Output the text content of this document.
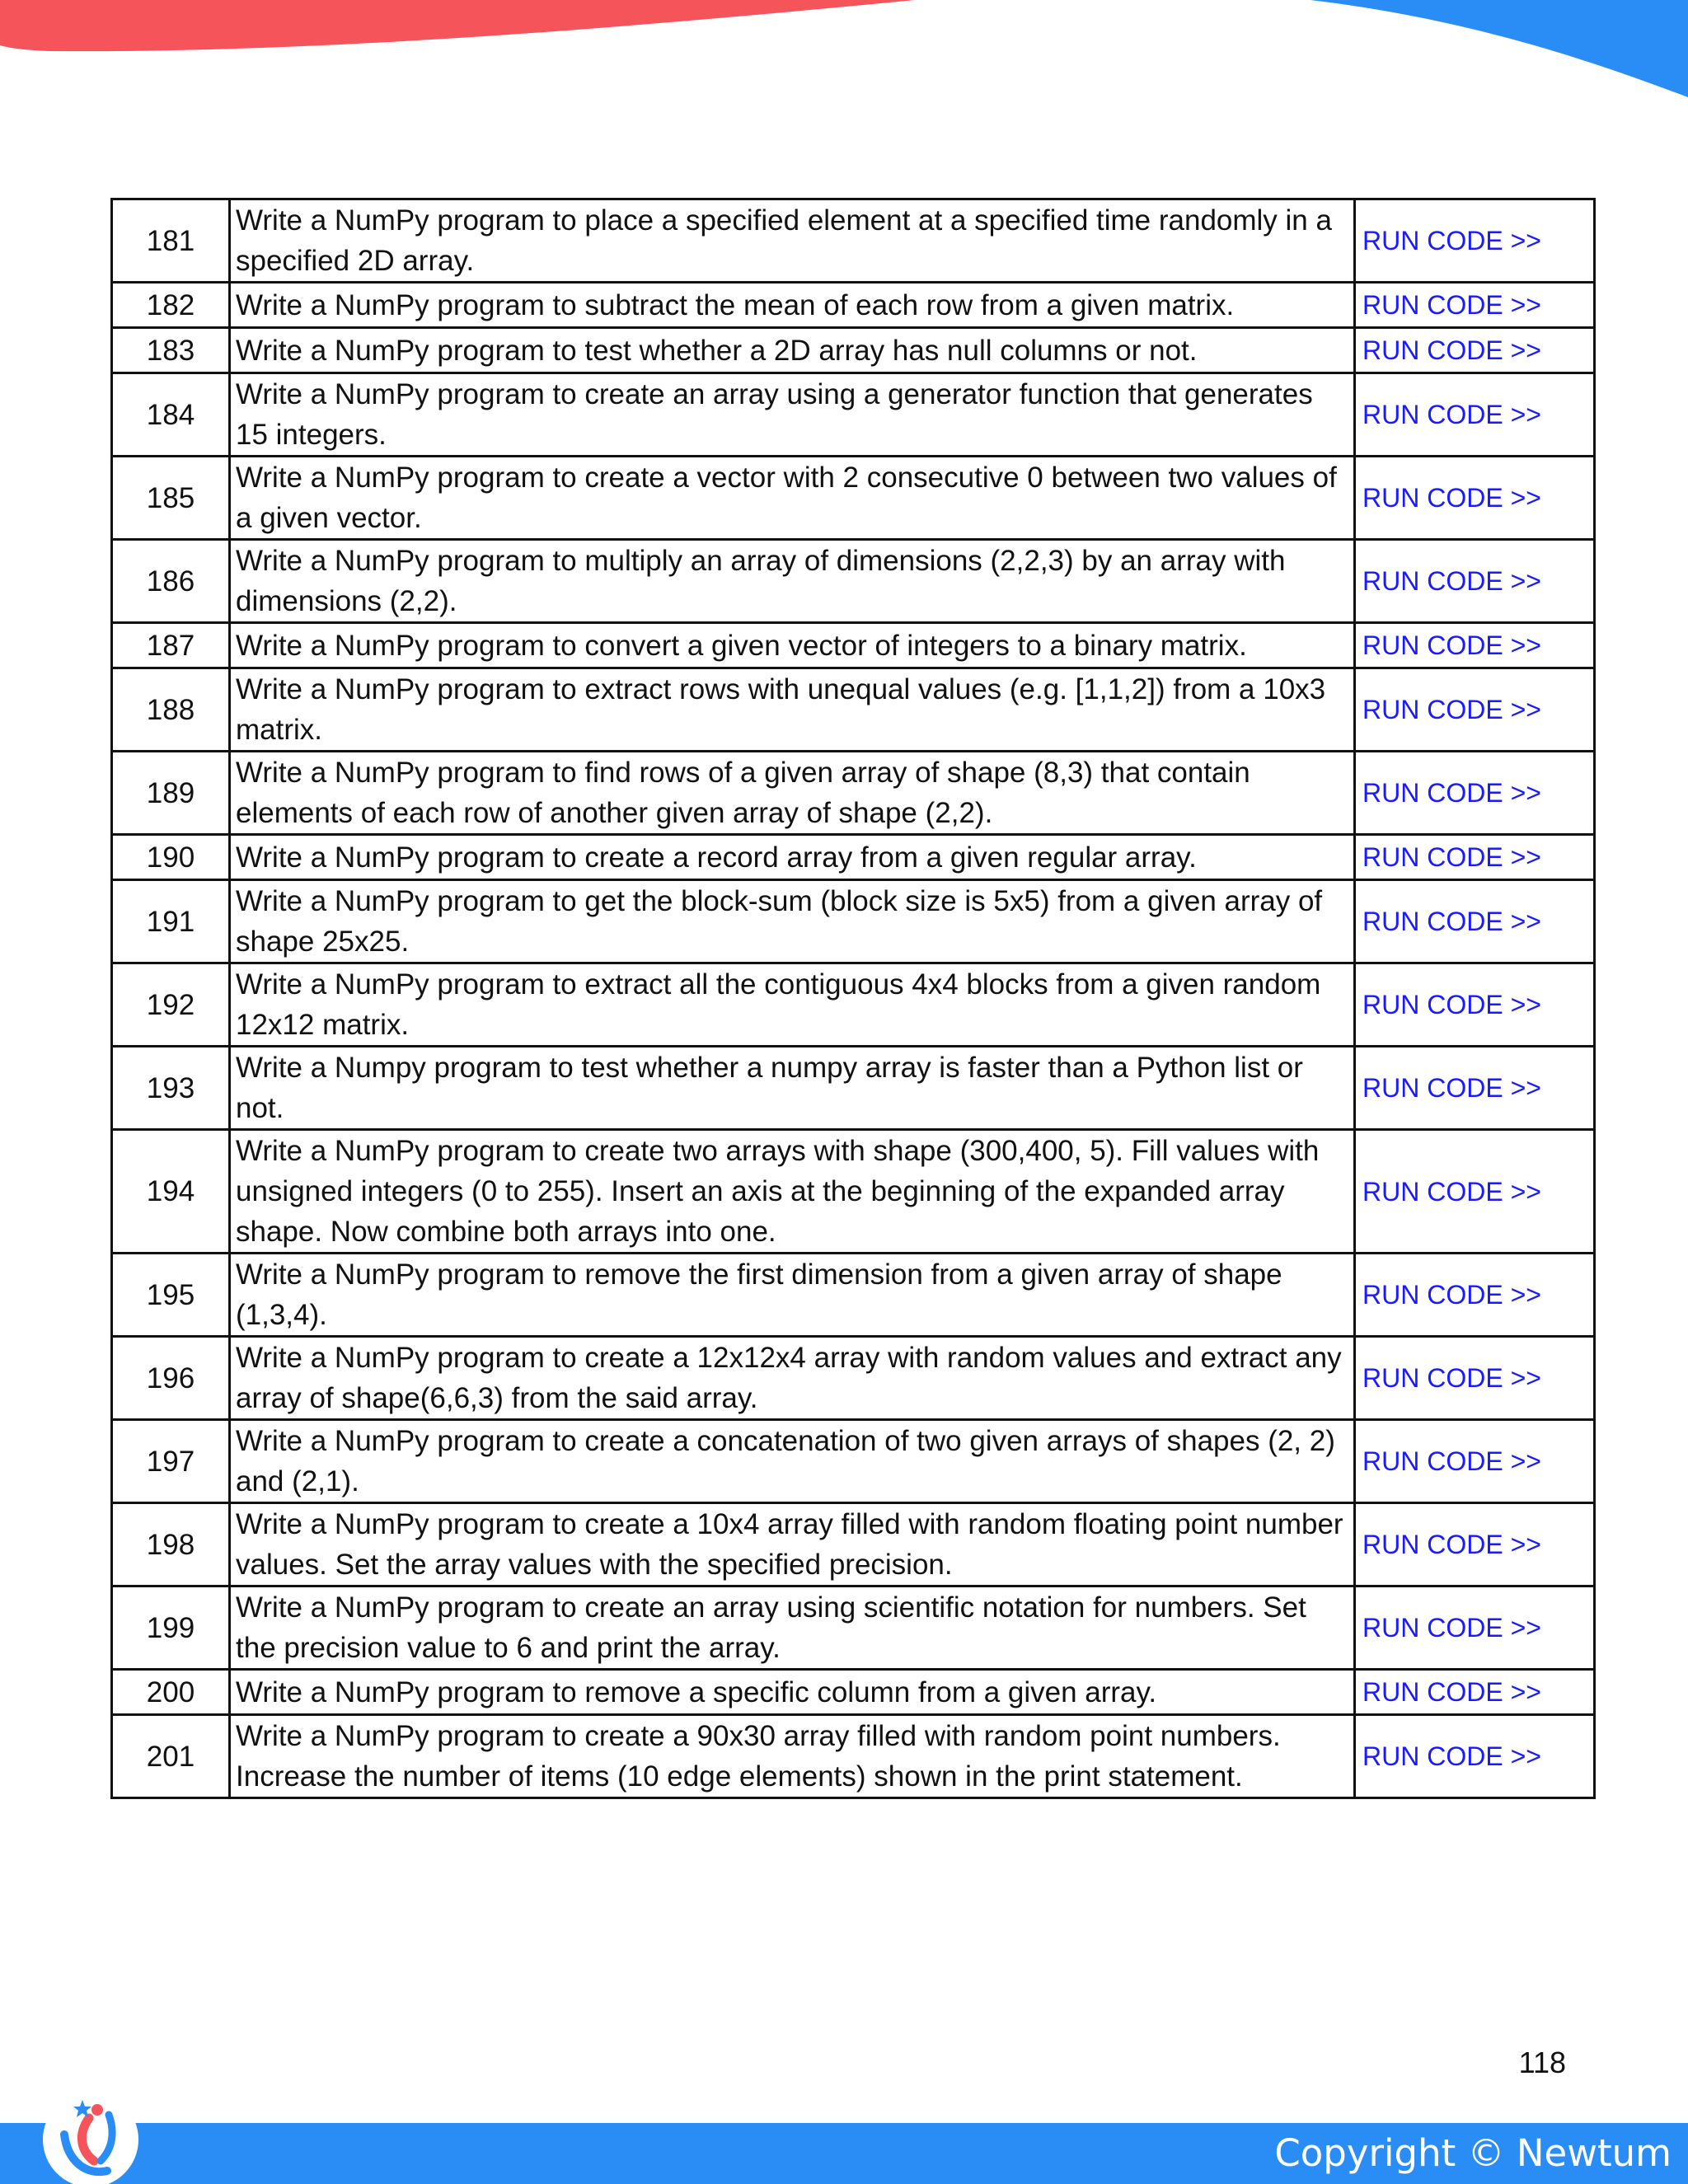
181	Write a NumPy program to place a specified element at a specified time randomly in a specified 2D array.	RUN CODE >>
182	Write a NumPy program to subtract the mean of each row from a given matrix.	RUN CODE >>
183	Write a NumPy program to test whether a 2D array has null columns or not.	RUN CODE >>
184	Write a NumPy program to create an array using a generator function that generates 15 integers.	RUN CODE >>
185	Write a NumPy program to create a vector with 2 consecutive 0 between two values of a given vector.	RUN CODE >>
186	Write a NumPy program to multiply an array of dimensions (2,2,3) by an array with dimensions (2,2).	RUN CODE >>
187	Write a NumPy program to convert a given vector of integers to a binary matrix.	RUN CODE >>
188	Write a NumPy program to extract rows with unequal values (e.g. [1,1,2]) from a 10x3 matrix.	RUN CODE >>
189	Write a NumPy program to find rows of a given array of shape (8,3) that contain elements of each row of another given array of shape (2,2).	RUN CODE >>
190	Write a NumPy program to create a record array from a given regular array.	RUN CODE >>
191	Write a NumPy program to get the block-sum (block size is 5x5) from a given array of shape 25x25.	RUN CODE >>
192	Write a NumPy program to extract all the contiguous 4x4 blocks from a given random 12x12 matrix.	RUN CODE >>
193	Write a Numpy program to test whether a numpy array is faster than a Python list or not.	RUN CODE >>
194	Write a NumPy program to create two arrays with shape (300,400, 5). Fill values with unsigned integers (0 to 255). Insert an axis at the beginning of the expanded array shape. Now combine both arrays into one.	RUN CODE >>
195	Write a NumPy program to remove the first dimension from a given array of shape (1,3,4).	RUN CODE >>
196	Write a NumPy program to create a 12x12x4 array with random values and extract any array of shape(6,6,3) from the said array.	RUN CODE >>
197	Write a NumPy program to create a concatenation of two given arrays of shapes (2, 2) and (2,1).	RUN CODE >>
198	Write a NumPy program to create a 10x4 array filled with random floating point number values. Set the array values with the specified precision.	RUN CODE >>
199	Write a NumPy program to create an array using scientific notation for numbers. Set the precision value to 6 and print the array.	RUN CODE >>
200	Write a NumPy program to remove a specific column from a given array.	RUN CODE >>
201	Write a NumPy program to create a 90x30 array filled with random point numbers. Increase the number of items (10 edge elements) shown in the print statement.	RUN CODE >>
118
Copyright © Newtum
